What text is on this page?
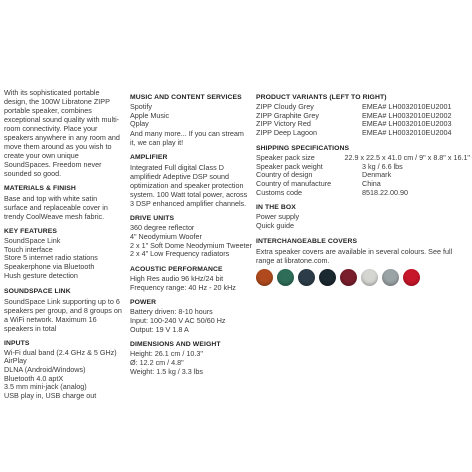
With its sophisticated portable design, the 100W Libratone ZIPP portable speaker, combines exceptional sound quality with multi-room connectivity. Place your speakers anywhere in any room and move them around as you wish to create your own unique SoundSpaces. Freedom never sounded so good.

MATERIALS & FINISH

Base and top with white satin surface and replaceable cover in trendy CoolWeave mesh fabric.

KEY FEATURES
SoundSpace Link
Touch interface
Store 5 internet radio stations
Speakerphone via Bluetooth
Hush gesture detection
SOUNDSPACE LINK

SoundSpace Link supporting up to 6 speakers per group, and 8 groups on a WiFi network. Maximum 16 speakers in total

INPUTS
Wi-Fi dual band (2.4 GHz & 5 GHz)
AirPlay
DLNA (Android/Windows)
Bluetooth 4.0 aptX
3.5 mm mini-jack (analog)
USB play in, USB charge out
MUSIC AND CONTENT SERVICES
Spotify
Apple Music
Qplay

And many more... If you can stream it, we can play it!

AMPLIFIER

Integrated Full digital Class D amplifiedr Adeptive DSP sound optimization and speaker protection system. 100 Watt total power, across 3 DSP enhanced amplifier channels.

DRIVE UNITS
360 degree reflector
4" Neodymium Woofer
2 x 1" Soft Dome Neodymium Tweeter
2 x 4" Low Frequency radiators
ACOUSTIC PERFORMANCE
High Res audio 96 kHz/24 bit
Frequency range: 40 Hz - 20 kHz
POWER
Battery driven: 8-10 hours
Input: 100-240 V AC 50/60 Hz
Output: 19 V 1.8 A
DIMENSIONS AND WEIGHT
Height: 26.1 cm / 10.3"
Ø: 12.2 cm / 4.8"
Weight: 1.5 kg / 3.3 lbs
PRODUCT VARIANTS (LEFT TO RIGHT)
ZIPP Cloudy Grey	EMEA# LH0032010EU2001
ZIPP Graphite Grey	EMEA# LH0032010EU2002
ZIPP Victory Red	EMEA# LH0032010EU2003
ZIPP Deep Lagoon	EMEA# LH0032010EU2004
SHIPPING SPECIFICATIONS
Speaker pack size	22.9 x 22.5 x 41.0 cm / 9" x 8.8" x 16.1"
Speaker pack weight	3 kg / 6.6 lbs
Country of design	Denmark
Country of manufacture	China
Customs code	8518.22.00.90
IN THE BOX
Power supply
Quick guide
INTERCHANGEABLE COVERS

Extra speaker covers are available in several colours. See full range at libratone.com.
